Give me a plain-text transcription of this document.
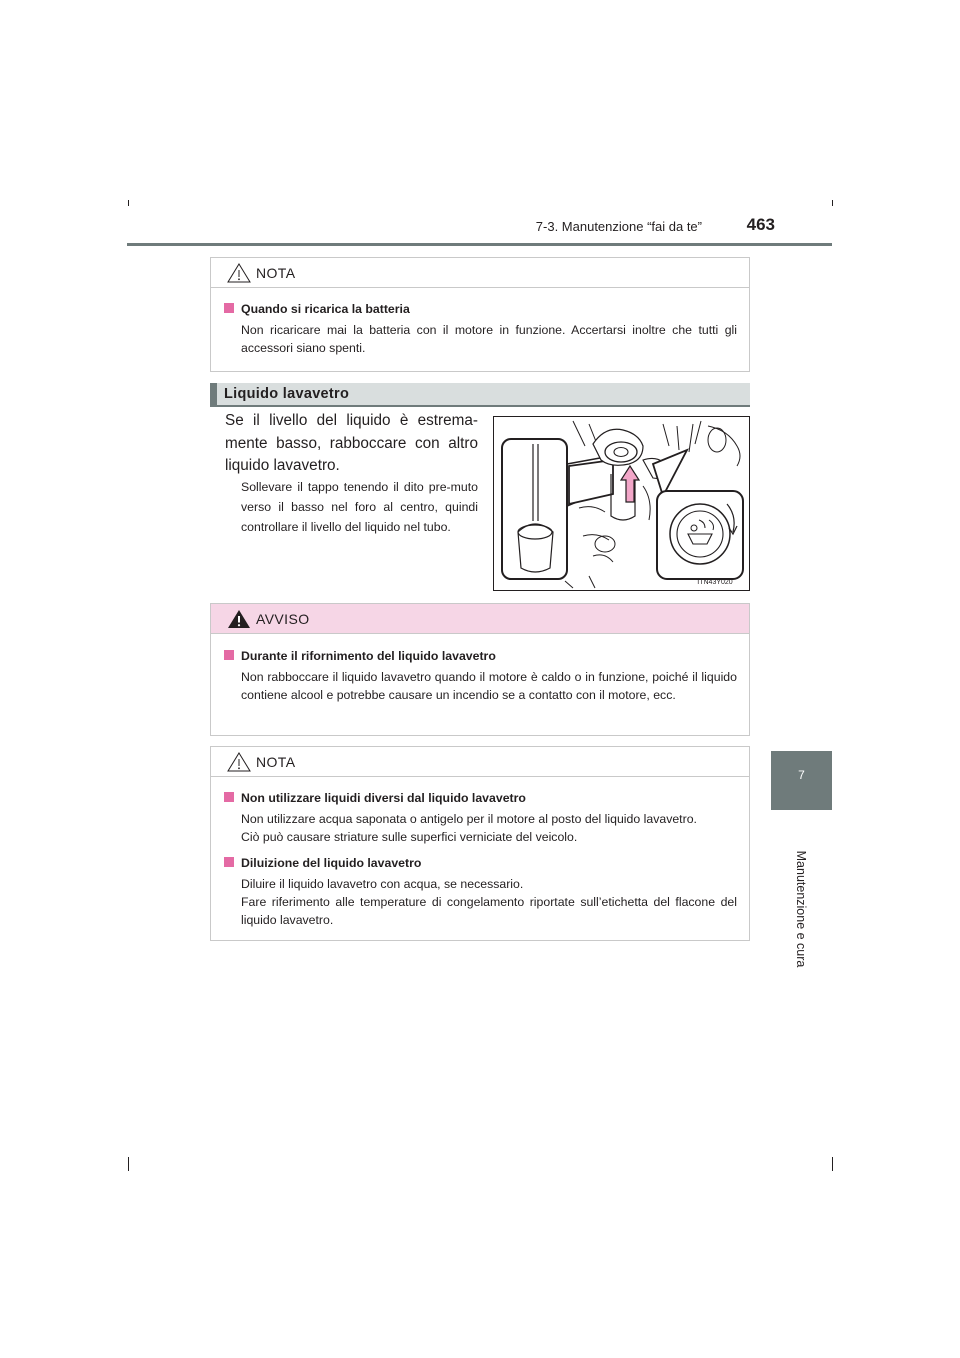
7-3. Manutenzione “fai da te”	463
7
Manutenzione e cura
NOTA
Quando si ricarica la batteria
Non ricaricare mai la batteria con il motore in funzione. Accertarsi inoltre che tutti gli accessori siano spenti.
Liquido lavavetro
Se il livello del liquido è estrema-mente basso, rabboccare con altro liquido lavavetro.
Sollevare il tappo tenendo il dito pre-muto verso il basso nel foro al centro, quindi controllare il livello del liquido nel tubo.
ITN43Y020
AVVISO
Durante il rifornimento del liquido lavavetro
Non rabboccare il liquido lavavetro quando il motore è caldo o in funzione, poiché il liquido contiene alcool e potrebbe causare un incendio se a contatto con il motore, ecc.
NOTA
Non utilizzare liquidi diversi dal liquido lavavetro
Non utilizzare acqua saponata o antigelo per il motore al posto del liquido lavavetro.
Ciò può causare striature sulle superfici verniciate del veicolo.
Diluizione del liquido lavavetro
Diluire il liquido lavavetro con acqua, se necessario.
Fare riferimento alle temperature di congelamento riportate sull’etichetta del flacone del liquido lavavetro.
